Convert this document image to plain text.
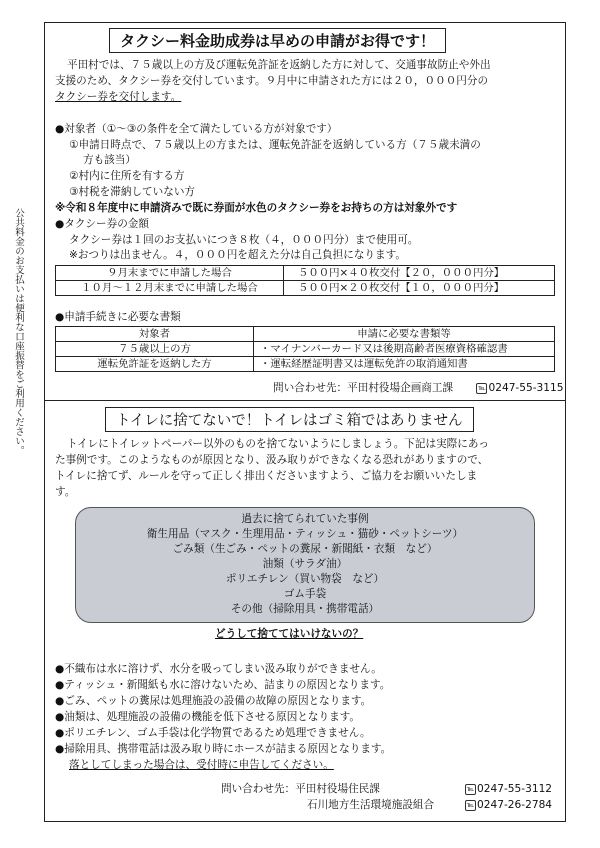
公共料金のお支払いは便利な口座振替をご利用ください。
タクシー料金助成券は早めの申請がお得です！
平田村では、７５歳以上の方及び運転免許証を返納した方に対して、交通事故防止や外出
支援のため、タクシー券を交付しています。９月中に申請された方には２０，０００円分の
タクシー券を交付します。
●対象者（①～③の条件を全て満たしている方が対象です）
①申請日時点で、７５歳以上の方または、運転免許証を返納している方（７５歳未満の
方も該当）
②村内に住所を有する方
③村税を滞納していない方
※令和８年度中に申請済みで既に券面が水色のタクシー券をお持ちの方は対象外です
●タクシー券の金額
タクシー券は１回のお支払いにつき８枚（４，０００円分）まで使用可。
※おつりは出ません。４，０００円を超えた分は自己負担になります。
９月末までに申請した場合	５００円×４０枚交付【２０，０００円分】
１０月～１２月末までに申請した場合	５００円×２０枚交付【１０，０００円分】
●申請手続きに必要な書類
対象者	申請に必要な書類等
７５歳以上の方	・マイナンバーカード又は後期高齢者医療資格確認書
運転免許証を返納した方	・運転経歴証明書又は運転免許の取消通知書
問い合わせ先：平田村役場企画商工課	℡ 0247-55-3115
トイレに捨てないで！トイレはゴミ箱ではありません
トイレにトイレットペーパー以外のものを捨てないようにしましょう。下記は実際にあっ
た事例です。このようなものが原因となり、汲み取りができなくなる恐れがありますので、
トイレに捨てず、ルールを守って正しく排出くださいますよう、ご協力をお願いいたしま
す。
過去に捨てられていた事例
衛生用品（マスク・生理用品・ティッシュ・猫砂・ペットシーツ）
ごみ類（生ごみ・ペットの糞尿・新聞紙・衣類　など）
油類（サラダ油）
ポリエチレン（買い物袋　など）
ゴム手袋
その他（掃除用具・携帯電話）
どうして捨ててはいけないの？
●不織布は水に溶けず、水分を吸ってしまい汲み取りができません。
●ティッシュ・新聞紙も水に溶けないため、詰まりの原因となります。
●ごみ、ペットの糞尿は処理施設の設備の故障の原因となります。
●油類は、処理施設の設備の機能を低下させる原因となります。
●ポリエチレン、ゴム手袋は化学物質であるため処理できません。
●掃除用具、携帯電話は汲み取り時にホースが詰まる原因となります。
落としてしまった場合は、受付時に申告してください。
問い合わせ先：平田村役場住民課	℡ 0247-55-3112
石川地方生活環境施設組合	℡ 0247-26-2784
